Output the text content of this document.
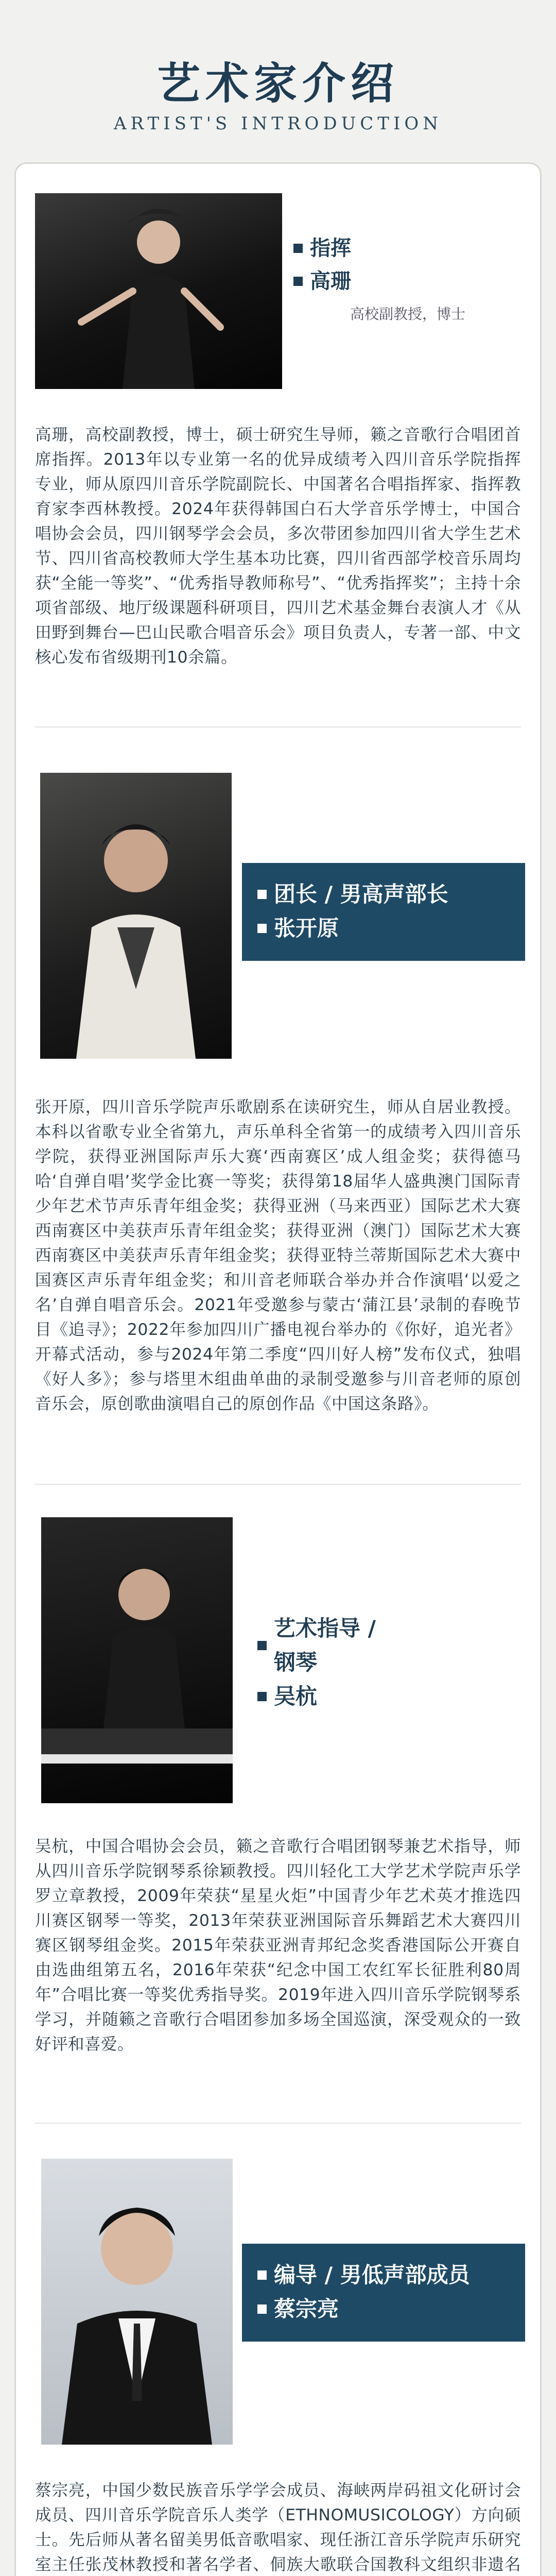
艺术家介绍
ARTIST'S INTRODUCTION
指挥
高珊
高校副教授，博士
高珊，高校副教授，博士，硕士研究生导师，籁之音歌行合唱团首席指挥。2013年以专业第一名的优异成绩考入四川音乐学院指挥专业，师从原四川音乐学院副院长、中国著名合唱指挥家、指挥教育家李西林教授。2024年获得韩国白石大学音乐学博士，中国合唱协会会员，四川钢琴学会会员，多次带团参加四川省大学生艺术节、四川省高校教师大学生基本功比赛，四川省西部学校音乐周均获“全能一等奖”、“优秀指导教师称号”、“优秀指挥奖”；主持十余项省部级、地厅级课题科研项目，四川艺术基金舞台表演人才《从田野到舞台—巴山民歌合唱音乐会》项目负责人，专著一部、中文核心发布省级期刊10余篇。
团长 / 男高声部长
张开原
张开原，四川音乐学院声乐歌剧系在读研究生，师从自居业教授。本科以省歌专业全省第九，声乐单科全省第一的成绩考入四川音乐学院，获得亚洲国际声乐大赛‘西南赛区’成人组金奖；获得德马哈‘自弹自唱’奖学金比赛一等奖；获得第18届华人盛典澳门国际青少年艺术节声乐青年组金奖；获得亚洲（马来西亚）国际艺术大赛西南赛区中美获声乐青年组金奖；获得亚洲（澳门）国际艺术大赛西南赛区中美获声乐青年组金奖；获得亚特兰蒂斯国际艺术大赛中国赛区声乐青年组金奖；和川音老师联合举办并合作演唱‘以爱之名’自弹自唱音乐会。2021年受邀参与蒙古‘蒲江县’录制的春晚节目《追寻》；2022年参加四川广播电视台举办的《你好，追光者》开幕式活动，参与2024年第二季度“四川好人榜”发布仪式，独唱《好人多》；参与塔里木组曲单曲的录制受邀参与川音老师的原创音乐会，原创歌曲演唱自己的原创作品《中国这条路》。
艺术指导 / 钢琴
吴杭
吴杭，中国合唱协会会员，籁之音歌行合唱团钢琴兼艺术指导，师从四川音乐学院钢琴系徐颖教授。四川轻化工大学艺术学院声乐学罗立章教授，2009年荣获“星星火炬”中国青少年艺术英才推选四川赛区钢琴一等奖，2013年荣获亚洲国际音乐舞蹈艺术大赛四川赛区钢琴组金奖。2015年荣获亚洲青邦纪念奖香港国际公开赛自由选曲组第五名，2016年荣获“纪念中国工农红军长征胜利80周年”合唱比赛一等奖优秀指导奖。2019年进入四川音乐学院钢琴系学习，并随籁之音歌行合唱团参加多场全国巡演，深受观众的一致好评和喜爱。
编导 / 男低声部成员
蔡宗亮
蔡宗亮，中国少数民族音乐学学会成员、海峡两岸码祖文化研讨会成员、四川音乐学院音乐人类学（ETHNOMUSICOLOGY）方向硕士。先后师从著名留美男低音歌唱家、现任浙江音乐学院声乐研究室主任张茂林教授和著名学者、侗族大歌联合国教科文组织非遗名
